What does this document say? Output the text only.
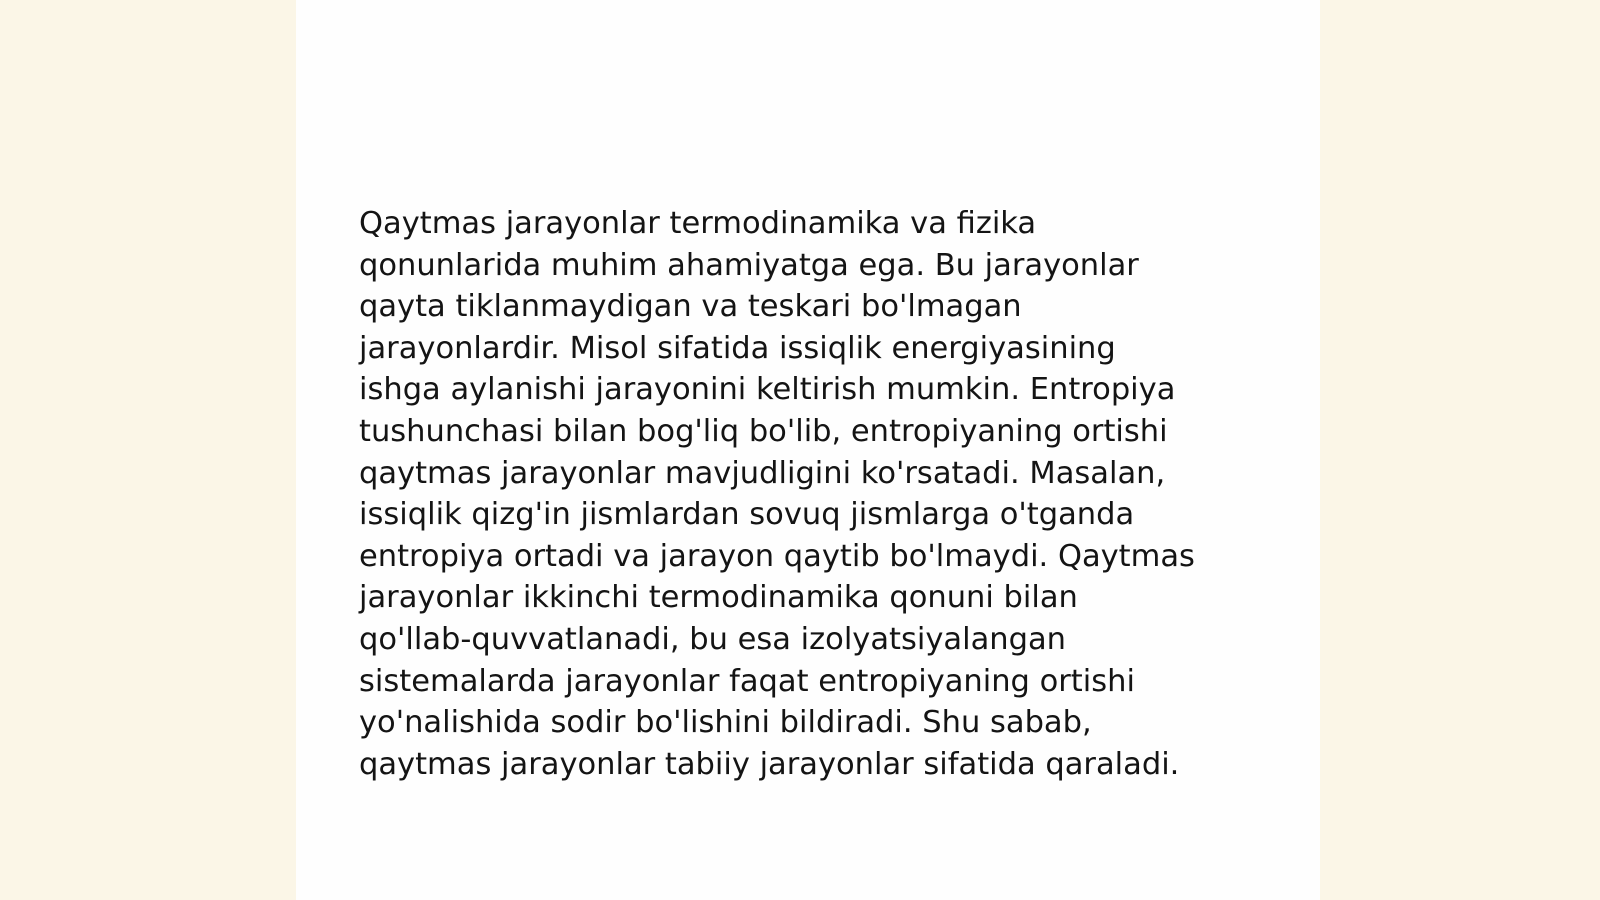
Qaytmas jarayonlar termodinamika va fizika
qonunlarida muhim ahamiyatga ega. Bu jarayonlar
qayta tiklanmaydigan va teskari bo'lmagan
jarayonlardir. Misol sifatida issiqlik energiyasining
ishga aylanishi jarayonini keltirish mumkin. Entropiya
tushunchasi bilan bog'liq bo'lib, entropiyaning ortishi
qaytmas jarayonlar mavjudligini ko'rsatadi. Masalan,
issiqlik qizg'in jismlardan sovuq jismlarga o'tganda
entropiya ortadi va jarayon qaytib bo'lmaydi. Qaytmas
jarayonlar ikkinchi termodinamika qonuni bilan
qo'llab-quvvatlanadi, bu esa izolyatsiyalangan
sistemalarda jarayonlar faqat entropiyaning ortishi
yo'nalishida sodir bo'lishini bildiradi. Shu sabab,
qaytmas jarayonlar tabiiy jarayonlar sifatida qaraladi.
